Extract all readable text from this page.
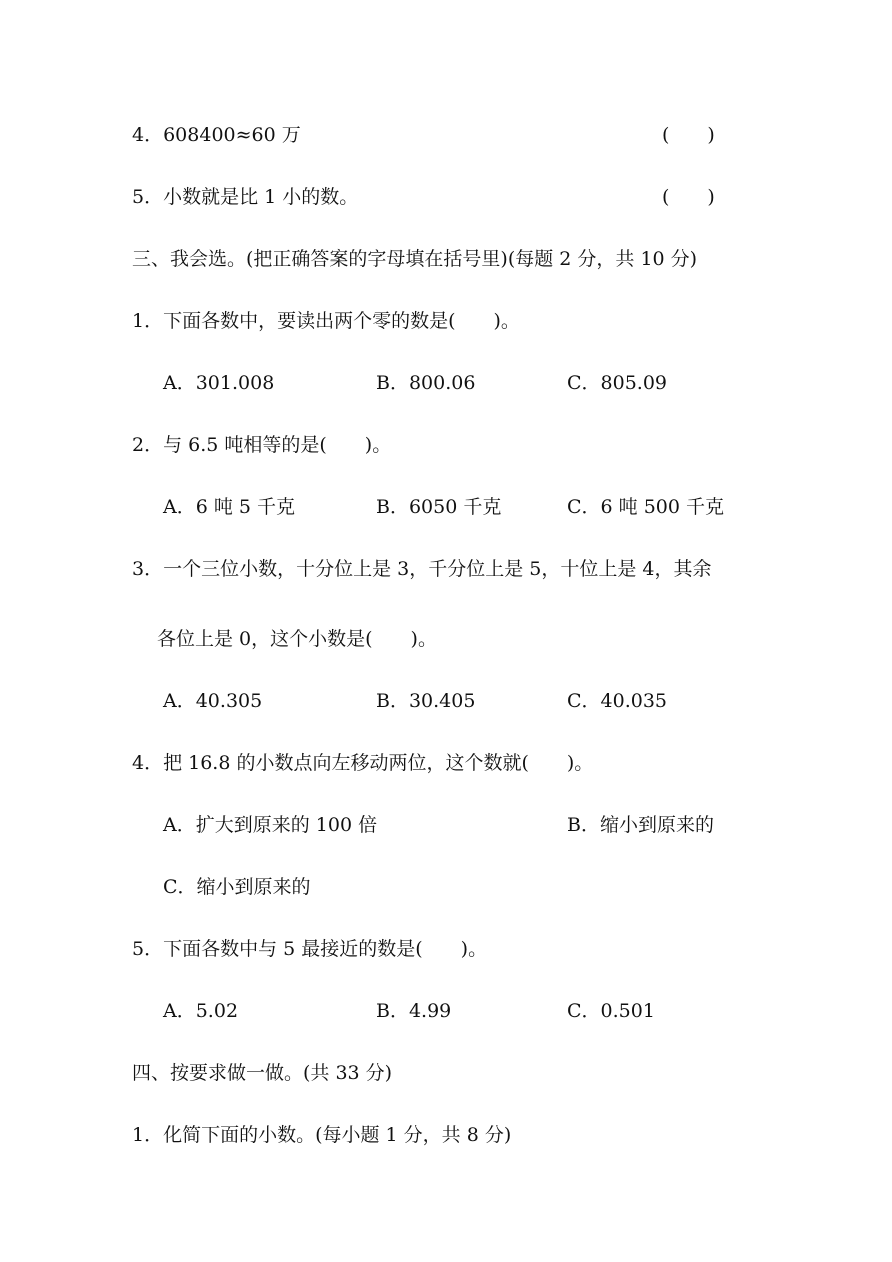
4．608400≈60 万	(　　)
5．小数就是比 1 小的数。	(　　)
三、我会选。(把正确答案的字母填在括号里)(每题 2 分，共 10 分)
1．下面各数中，要读出两个零的数是(　　)。
A．301.008	B．800.06	C．805.09
2．与 6.5 吨相等的是(　　)。
A．6 吨 5 千克	B．6050 千克	C．6 吨 500 千克
3．一个三位小数，十分位上是 3，千分位上是 5，十位上是 4，其余
各位上是 0，这个小数是(　　)。
A．40.305	B．30.405	C．40.035
4．把 16.8 的小数点向左移动两位，这个数就(　　)。
A．扩大到原来的 100 倍	B．缩小到原来的
C．缩小到原来的
5．下面各数中与 5 最接近的数是(　　)。
A．5.02	B．4.99	C．0.501
四、按要求做一做。(共 33 分)
1．化简下面的小数。(每小题 1 分，共 8 分)
